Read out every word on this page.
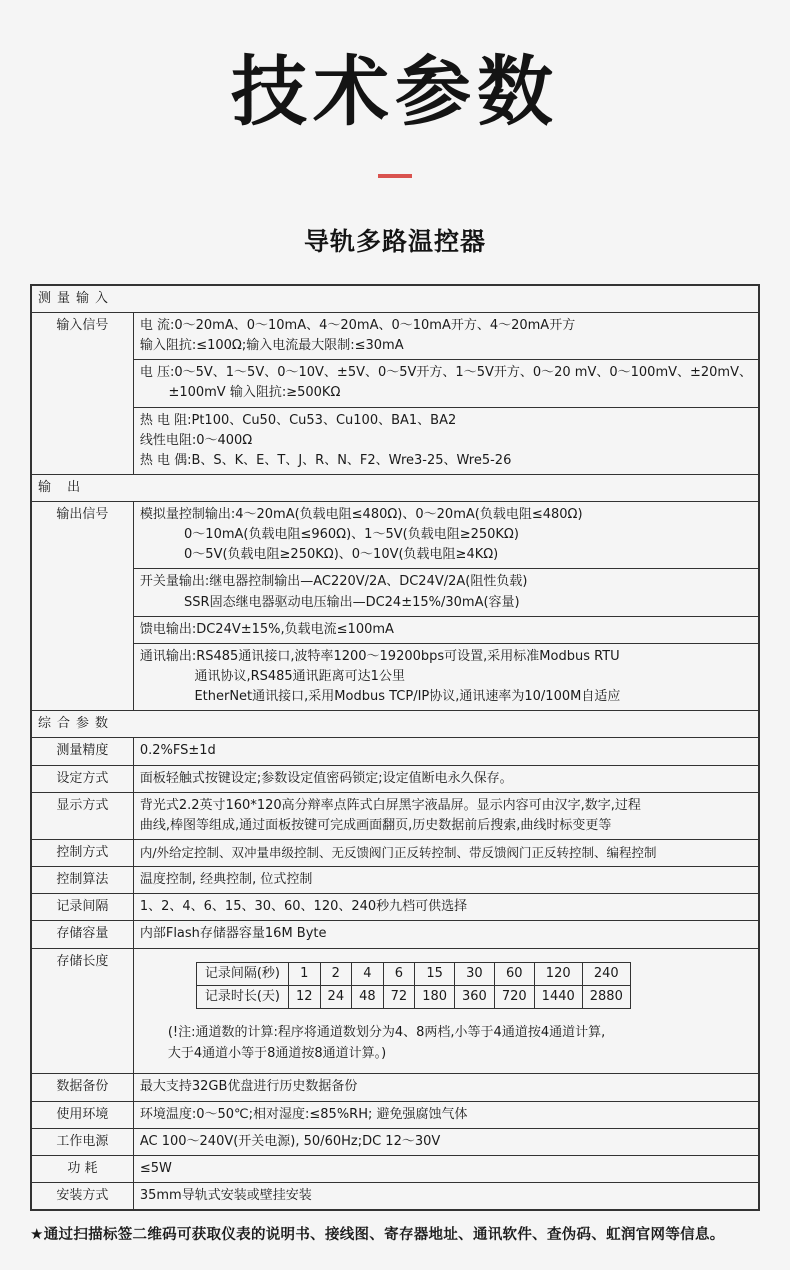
技术参数
导轨多路温控器
测量输入
输入信号	电 流:0～20mA、0～10mA、4～20mA、0～10mA开方、4～20mA开方
输入阻抗:≤100Ω;输入电流最大限制:≤30mA

电 压:0～5V、1～5V、0～10V、±5V、0～5V开方、1～5V开方、0～20 mV、0～100mV、±20mV、
±100mV 输入阻抗:≥500KΩ

热 电 阻:Pt100、Cu50、Cu53、Cu100、BA1、BA2
线性电阻:0～400Ω
热 电 偶:B、S、K、E、T、J、R、N、F2、Wre3-25、Wre5-26

输 出
输出信号	模拟量控制输出:4～20mA(负载电阻≤480Ω)、0～20mA(负载电阻≤480Ω)
0～10mA(负载电阻≤960Ω)、1～5V(负载电阻≥250KΩ)
0～5V(负载电阻≥250KΩ)、0～10V(负载电阻≥4KΩ)

开关量输出:继电器控制输出—AC220V/2A、DC24V/2A(阻性负载)
SSR固态继电器驱动电压输出—DC24±15%/30mA(容量)

馈电输出:DC24V±15%,负载电流≤100mA

通讯输出:RS485通讯接口,波特率1200～19200bps可设置,采用标准Modbus RTU
通讯协议,RS485通讯距离可达1公里
EtherNet通讯接口,采用Modbus TCP/IP协议,通讯速率为10/100M自适应

综合参数
测量精度	0.2%FS±1d
设定方式	面板轻触式按键设定;参数设定值密码锁定;设定值断电永久保存。
显示方式	背光式2.2英寸160*120高分辩率点阵式白屏黑字液晶屏。显示内容可由汉字,数字,过程
曲线,棒图等组成,通过面板按键可完成画面翻页,历史数据前后搜索,曲线时标变更等

控制方式	内/外给定控制、双冲量串级控制、无反馈阀门正反转控制、带反馈阀门正反转控制、编程控制
控制算法	温度控制, 经典控制, 位式控制
记录间隔	1、2、4、6、15、30、60、120、240秒九档可供选择
存储容量	内部Flash存储器容量16M Byte
存储长度	
记录间隔(秒)	1	2	4	6	15	30	60	120	240
记录时长(天)	12	24	48	72	180	360	720	1440	2880
(!注:通道数的计算:程序将通道数划分为4、8两档,小等于4通道按4通道计算,
大于4通道小等于8通道按8通道计算。)

数据备份	最大支持32GB优盘进行历史数据备份
使用环境	环境温度:0～50℃;相对湿度:≤85%RH; 避免强腐蚀气体
工作电源	AC 100～240V(开关电源), 50/60Hz;DC 12～30V
功 耗	≤5W
安装方式	35mm导轨式安装或壁挂安装
★通过扫描标签二维码可获取仪表的说明书、接线图、寄存器地址、通讯软件、查伪码、虹润官网等信息。
